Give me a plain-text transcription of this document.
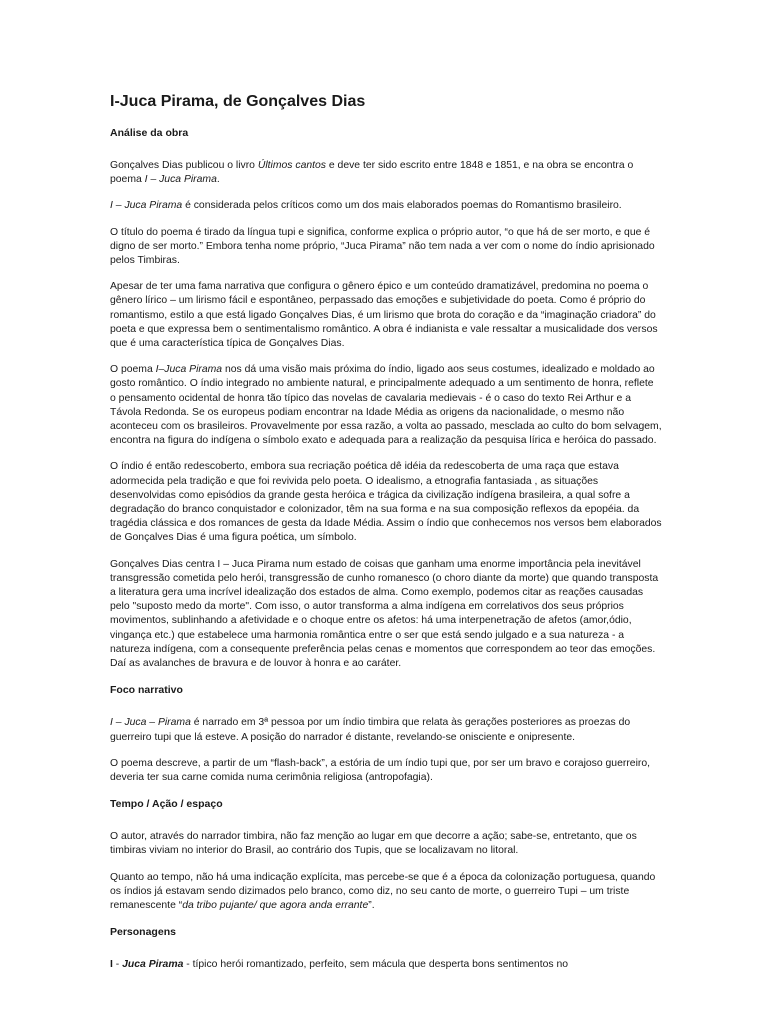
I-Juca Pirama, de Gonçalves Dias
Análise da obra

Gonçalves Dias publicou o livro Últimos cantos e deve ter sido escrito entre 1848 e 1851, e na obra se encontra o poema I – Juca Pirama.

I – Juca Pirama é considerada pelos críticos como um dos mais elaborados poemas do Romantismo brasileiro.

O título do poema é tirado da língua tupi e significa, conforme explica o próprio autor, “o que há de ser morto, e que é digno de ser morto.” Embora tenha nome próprio, “Juca Pirama” não tem nada a ver com o nome do índio aprisionado pelos Timbiras.

Apesar de ter uma fama narrativa que configura o gênero épico e um conteúdo dramatizável, predomina no poema o gênero lírico – um lirismo fácil e espontâneo, perpassado das emoções e subjetividade do poeta. Como é próprio do romantismo, estilo a que está ligado Gonçalves Dias, é um lirismo que brota do coração e da “imaginação criadora” do poeta e que expressa bem o sentimentalismo romântico. A obra é indianista e vale ressaltar a musicalidade dos versos que é uma característica típica de Gonçalves Dias.

O poema I–Juca Pirama nos dá uma visão mais próxima do índio, ligado aos seus costumes, idealizado e moldado ao gosto romântico. O índio integrado no ambiente natural, e principalmente adequado a um sentimento de honra, reflete o pensamento ocidental de honra tão típico das novelas de cavalaria medievais - é o caso do texto Rei Arthur e a Távola Redonda. Se os europeus podiam encontrar na Idade Média as origens da nacionalidade, o mesmo não aconteceu com os brasileiros. Provavelmente por essa razão, a volta ao passado, mesclada ao culto do bom selvagem, encontra na figura do indígena o símbolo exato e adequada para a realização da pesquisa lírica e heróica do passado.

O índio é então redescoberto, embora sua recriação poética dê idéia da redescoberta de uma raça que estava adormecida pela tradição e que foi revivida pelo poeta. O idealismo, a etnografia fantasiada , as situações desenvolvidas como episódios da grande gesta heróica e trágica da civilização indígena brasileira, a qual sofre a degradação do branco conquistador e colonizador, têm na sua forma e na sua composição reflexos da epopéia. da tragédia clássica e dos romances de gesta da Idade Média. Assim o índio que conhecemos nos versos bem elaborados de Gonçalves Dias é uma figura poética, um símbolo.

Gonçalves Dias centra I – Juca Pirama num estado de coisas que ganham uma enorme importância pela inevitável transgressão cometida pelo herói, transgressão de cunho romanesco (o choro diante da morte) que quando transposta a literatura gera uma incrível idealização dos estados de alma. Como exemplo, podemos citar as reações causadas pelo "suposto medo da morte". Com isso, o autor transforma a alma indígena em correlativos dos seus próprios movimentos, sublinhando a afetividade e o choque entre os afetos: há uma interpenetração de afetos (amor,ódio, vingança etc.) que estabelece uma harmonia romântica entre o ser que está sendo julgado e a sua natureza - a natureza indígena, com a consequente preferência pelas cenas e momentos que correspondem ao teor das emoções. Daí as avalanches de bravura e de louvor à honra e ao caráter.

Foco narrativo

I – Juca – Pirama é narrado em 3ª pessoa por um índio timbira que relata às gerações posteriores as proezas do guerreiro tupi que lá esteve. A posição do narrador é distante, revelando-se onisciente e onipresente.

O poema descreve, a partir de um “flash-back”, a estória de um índio tupi que, por ser um bravo e corajoso guerreiro, deveria ter sua carne comida numa cerimônia religiosa (antropofagia).

Tempo / Ação / espaço

O autor, através do narrador timbira, não faz menção ao lugar em que decorre a ação; sabe-se, entretanto, que os timbiras viviam no interior do Brasil, ao contrário dos Tupis, que se localizavam no litoral.

Quanto ao tempo, não há uma indicação explícita, mas percebe-se que é a época da colonização portuguesa, quando os índios já estavam sendo dizimados pelo branco, como diz, no seu canto de morte, o guerreiro Tupi – um triste remanescente “da tribo pujante/ que agora anda errante”.

Personagens

I - Juca Pirama - típico herói romantizado, perfeito, sem mácula que desperta bons sentimentos no
